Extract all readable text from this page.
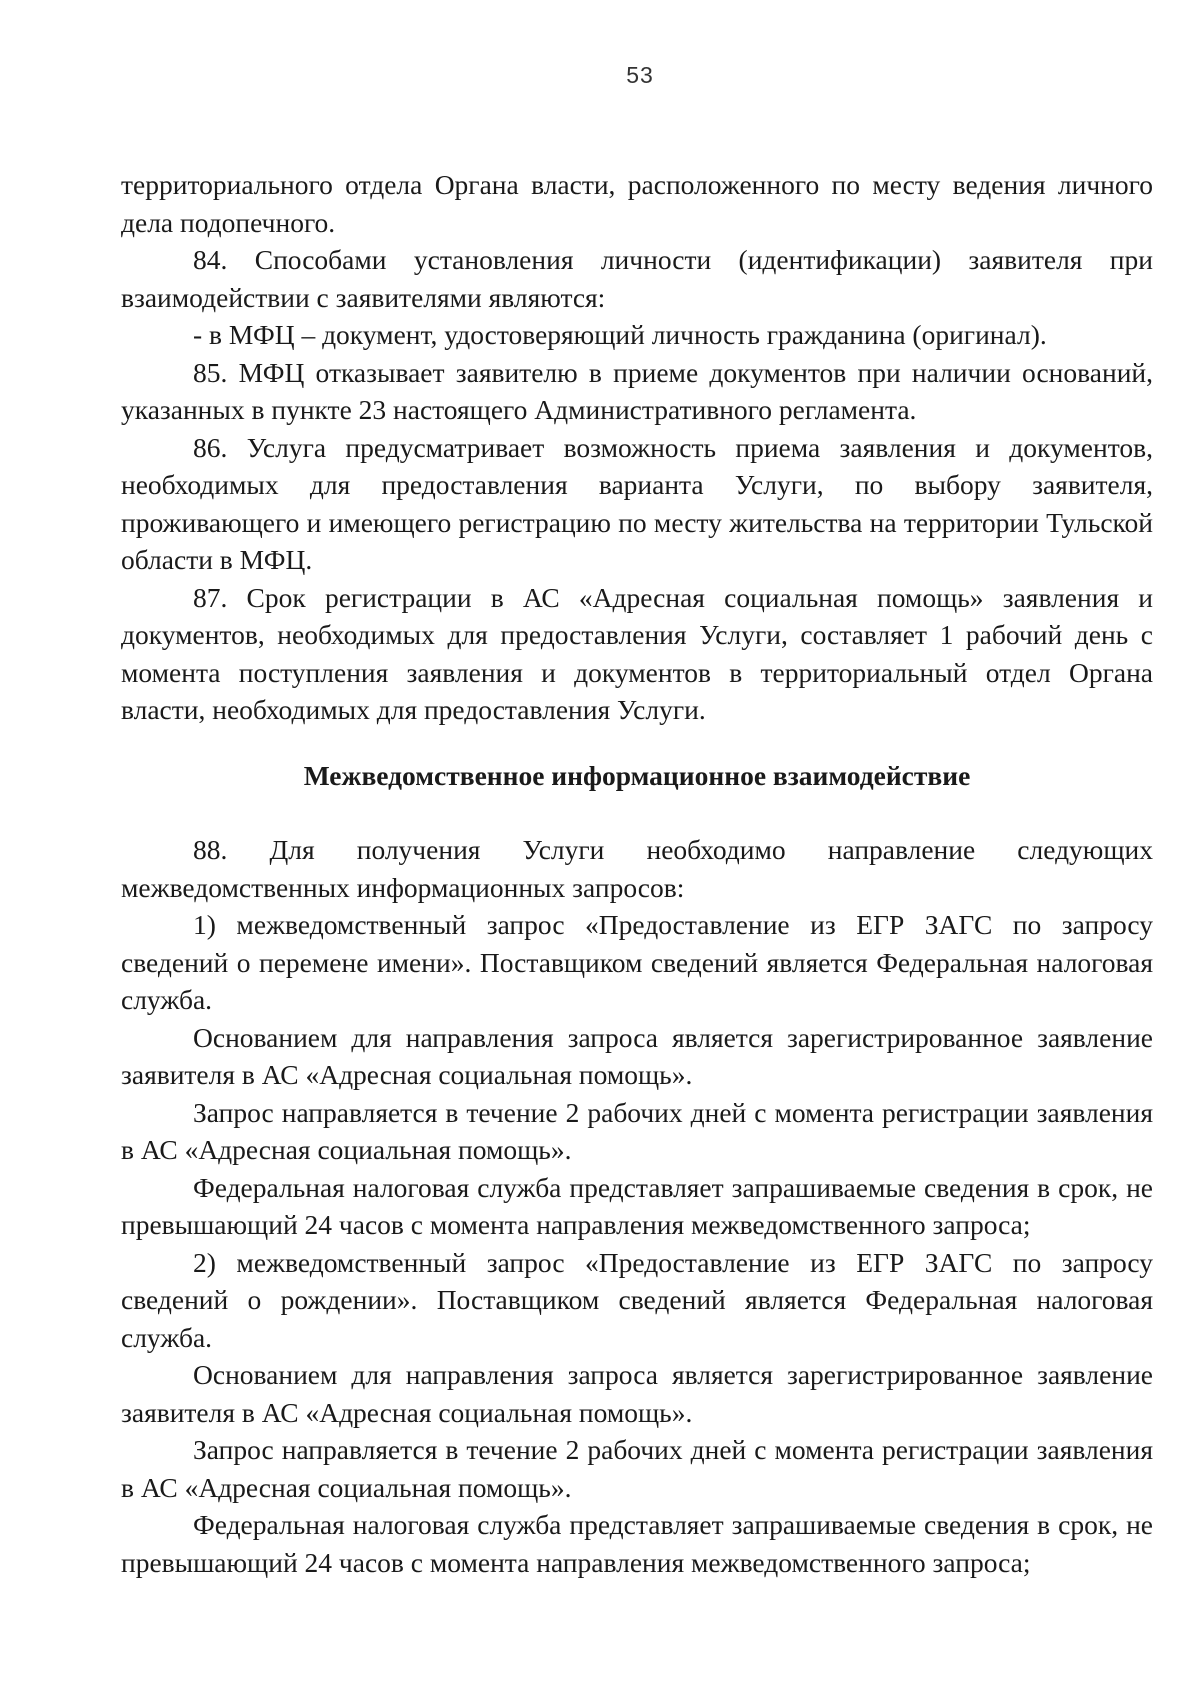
53

территориального отдела Органа власти, расположенного по месту ведения личного дела подопечного.

84. Способами установления личности (идентификации) заявителя при взаимодействии с заявителями являются:

- в МФЦ – документ, удостоверяющий личность гражданина (оригинал).

85. МФЦ отказывает заявителю в приеме документов при наличии оснований, указанных в пункте 23 настоящего Административного регламента.

86. Услуга предусматривает возможность приема заявления и документов, необходимых для предоставления варианта Услуги, по выбору заявителя, проживающего и имеющего регистрацию по месту жительства на территории Тульской области в МФЦ.

87. Срок регистрации в АС «Адресная социальная помощь» заявления и документов, необходимых для предоставления Услуги, составляет 1 рабочий день с момента поступления заявления и документов в территориальный отдел Органа власти, необходимых для предоставления Услуги.

Межведомственное информационное взаимодействие

88. Для получения Услуги необходимо направление следующих межведомственных информационных запросов:

1) межведомственный запрос «Предоставление из ЕГР ЗАГС по запросу сведений о перемене имени». Поставщиком сведений является Федеральная налоговая служба.

Основанием для направления запроса является зарегистрированное заявление заявителя в АС «Адресная социальная помощь».

Запрос направляется в течение 2 рабочих дней с момента регистрации заявления в АС «Адресная социальная помощь».

Федеральная налоговая служба представляет запрашиваемые сведения в срок, не превышающий 24 часов с момента направления межведомственного запроса;

2) межведомственный запрос «Предоставление из ЕГР ЗАГС по запросу сведений о рождении». Поставщиком сведений является Федеральная налоговая служба.

Основанием для направления запроса является зарегистрированное заявление заявителя в АС «Адресная социальная помощь».

Запрос направляется в течение 2 рабочих дней с момента регистрации заявления в АС «Адресная социальная помощь».

Федеральная налоговая служба представляет запрашиваемые сведения в срок, не превышающий 24 часов с момента направления межведомственного запроса;
